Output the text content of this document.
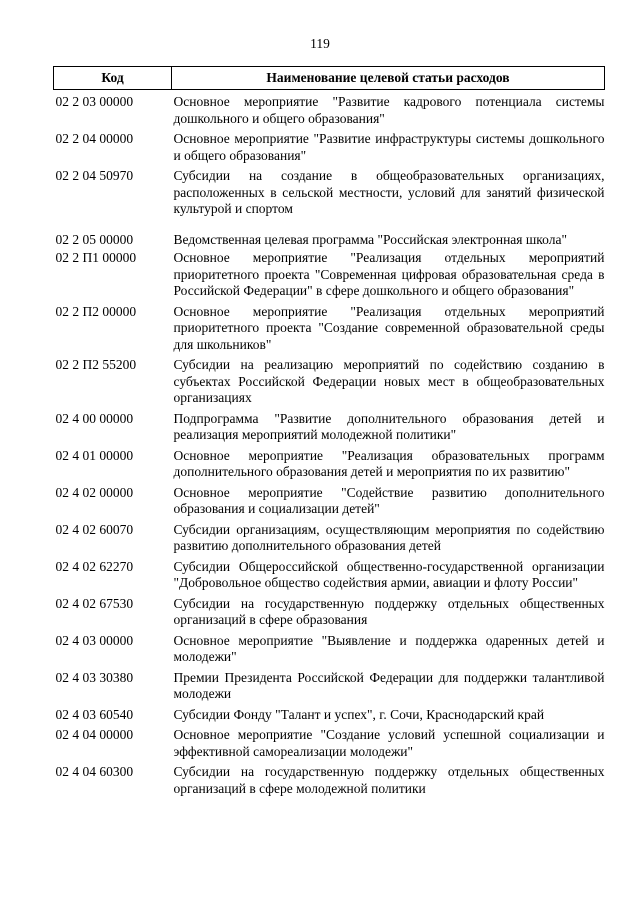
119
Код	Наименование целевой статьи расходов
02 2 03 00000	Основное мероприятие "Развитие кадрового потенциала системы дошкольного и общего образования"
02 2 04 00000	Основное мероприятие "Развитие инфраструктуры системы дошкольного и общего образования"
02 2 04 50970	Субсидии на создание в общеобразовательных организациях, расположенных в сельской местности, условий для занятий физической культурой и спортом
02 2 05 00000	Ведомственная целевая программа "Российская электронная школа"
02 2 П1 00000	Основное мероприятие "Реализация отдельных мероприятий приоритетного проекта "Современная цифровая образовательная среда в Российской Федерации" в сфере дошкольного и общего образования"
02 2 П2 00000	Основное мероприятие "Реализация отдельных мероприятий приоритетного проекта "Создание современной образовательной среды для школьников"
02 2 П2 55200	Субсидии на реализацию мероприятий по содействию созданию в субъектах Российской Федерации новых мест в общеобразовательных организациях
02 4 00 00000	Подпрограмма "Развитие дополнительного образования детей и реализация мероприятий молодежной политики"
02 4 01 00000	Основное мероприятие "Реализация образовательных программ дополнительного образования детей и мероприятия по их развитию"
02 4 02 00000	Основное мероприятие "Содействие развитию дополнительного образования и социализации детей"
02 4 02 60070	Субсидии организациям, осуществляющим мероприятия по содействию развитию дополнительного образования детей
02 4 02 62270	Субсидии Общероссийской общественно-государственной организации "Добровольное общество содействия армии, авиации и флоту России"
02 4 02 67530	Субсидии на государственную поддержку отдельных общественных организаций в сфере образования
02 4 03 00000	Основное мероприятие "Выявление и поддержка одаренных детей и молодежи"
02 4 03 30380	Премии Президента Российской Федерации для поддержки талантливой молодежи
02 4 03 60540	Субсидии Фонду "Талант и успех", г. Сочи, Краснодарский край
02 4 04 00000	Основное мероприятие "Создание условий успешной социализации и эффективной самореализации молодежи"
02 4 04 60300	Субсидии на государственную поддержку отдельных общественных организаций в сфере молодежной политики
